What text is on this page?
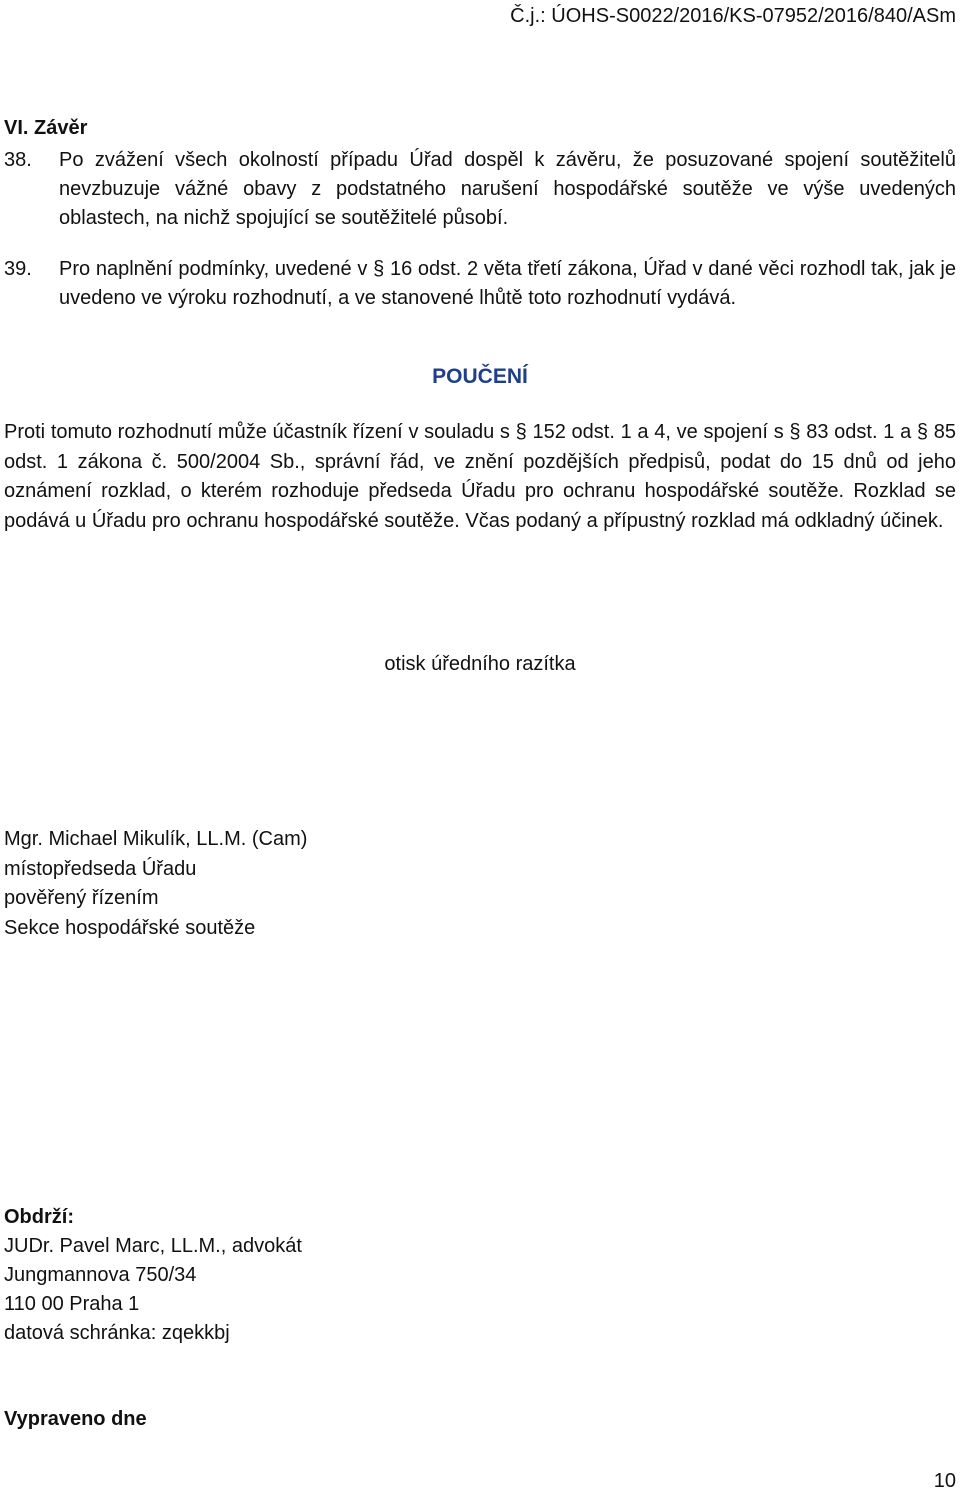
Č.j.: ÚOHS-S0022/2016/KS-07952/2016/840/ASm
VI. Závěr
38.	Po zvážení všech okolností případu Úřad dospěl k závěru, že posuzované spojení soutěžitelů nevzbuzuje vážné obavy z podstatného narušení hospodářské soutěže ve výše uvedených oblastech, na nichž spojující se soutěžitelé působí.
39.	Pro naplnění podmínky, uvedené v § 16 odst. 2 věta třetí zákona, Úřad v dané věci rozhodl tak, jak je uvedeno ve výroku rozhodnutí, a ve stanovené lhůtě toto rozhodnutí vydává.
POUČENÍ
Proti tomuto rozhodnutí může účastník řízení v souladu s § 152 odst. 1 a 4, ve spojení s § 83 odst. 1 a § 85 odst. 1 zákona č. 500/2004 Sb., správní řád, ve znění pozdějších předpisů, podat do 15 dnů od jeho oznámení rozklad, o kterém rozhoduje předseda Úřadu pro ochranu hospodářské soutěže. Rozklad se podává u Úřadu pro ochranu hospodářské soutěže. Včas podaný a přípustný rozklad má odkladný účinek.
otisk úředního razítka
Mgr. Michael Mikulík, LL.M. (Cam)
místopředseda Úřadu
pověřený řízením
Sekce hospodářské soutěže
Obdrží:
JUDr. Pavel Marc, LL.M., advokát
Jungmannova 750/34
110 00 Praha 1
datová schránka: zqekkbj
Vypraveno dne
10
